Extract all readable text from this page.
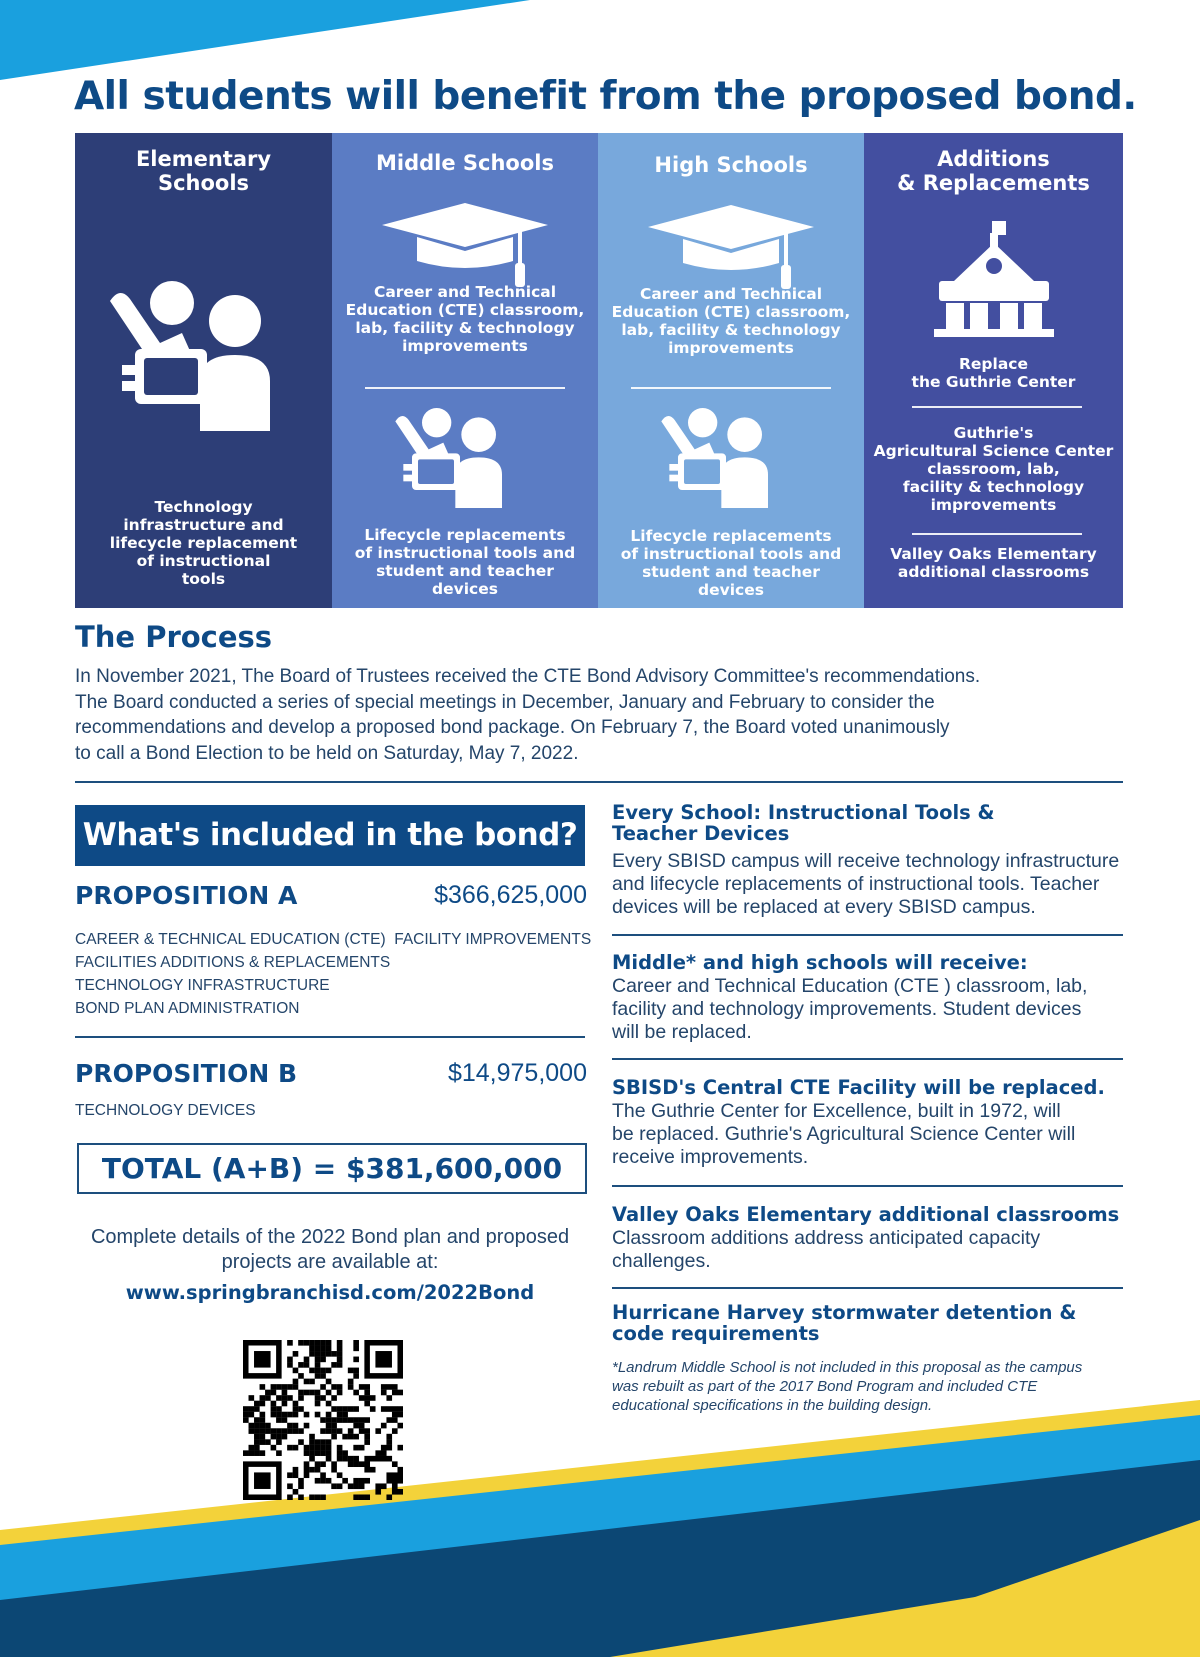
All students will benefit from the proposed bond.
Elementary
Schools
Technology
infrastructure and
lifecycle replacement
of instructional
tools
Middle Schools
Career and Technical
Education (CTE) classroom,
lab, facility & technology
improvements
Lifecycle replacements
of instructional tools and
student and teacher
devices
High Schools
Career and Technical
Education (CTE) classroom,
lab, facility & technology
improvements
Lifecycle replacements
of instructional tools and
student and teacher
devices
Additions
& Replacements
Replace
the Guthrie Center
Guthrie's
Agricultural Science Center
classroom, lab,
facility & technology
improvements
Valley Oaks Elementary
additional classrooms
The Process
In November 2021, The Board of Trustees received the CTE Bond Advisory Committee's recommendations.
The Board conducted a series of special meetings in December, January and February to consider the
recommendations and develop a proposed bond package. On February 7, the Board voted unanimously
to call a Bond Election to be held on Saturday, May 7, 2022.
What's included in the bond?
PROPOSITION A	$366,625,000
CAREER & TECHNICAL EDUCATION (CTE)  FACILITY IMPROVEMENTS
FACILITIES ADDITIONS & REPLACEMENTS
TECHNOLOGY INFRASTRUCTURE
BOND PLAN ADMINISTRATION
PROPOSITION B	$14,975,000
TECHNOLOGY DEVICES
TOTAL (A+B) = $381,600,000
Complete details of the 2022 Bond plan and proposed
projects are available at:
www.springbranchisd.com/2022Bond
Every School: Instructional Tools &
Teacher Devices
Every SBISD campus will receive technology infrastructure
and lifecycle replacements of instructional tools. Teacher
devices will be replaced at every SBISD campus.
Middle* and high schools will receive:
Career and Technical Education (CTE ) classroom, lab,
facility and technology improvements. Student devices
will be replaced.
SBISD's Central CTE Facility will be replaced.
The Guthrie Center for Excellence, built in 1972, will
be replaced. Guthrie's Agricultural Science Center will
receive improvements.
Valley Oaks Elementary additional classrooms
Classroom additions address anticipated capacity
challenges.
Hurricane Harvey stormwater detention &
code requirements
*Landrum Middle School is not included in this proposal as the campus
was rebuilt as part of the 2017 Bond Program and included CTE
educational specifications in the building design.
